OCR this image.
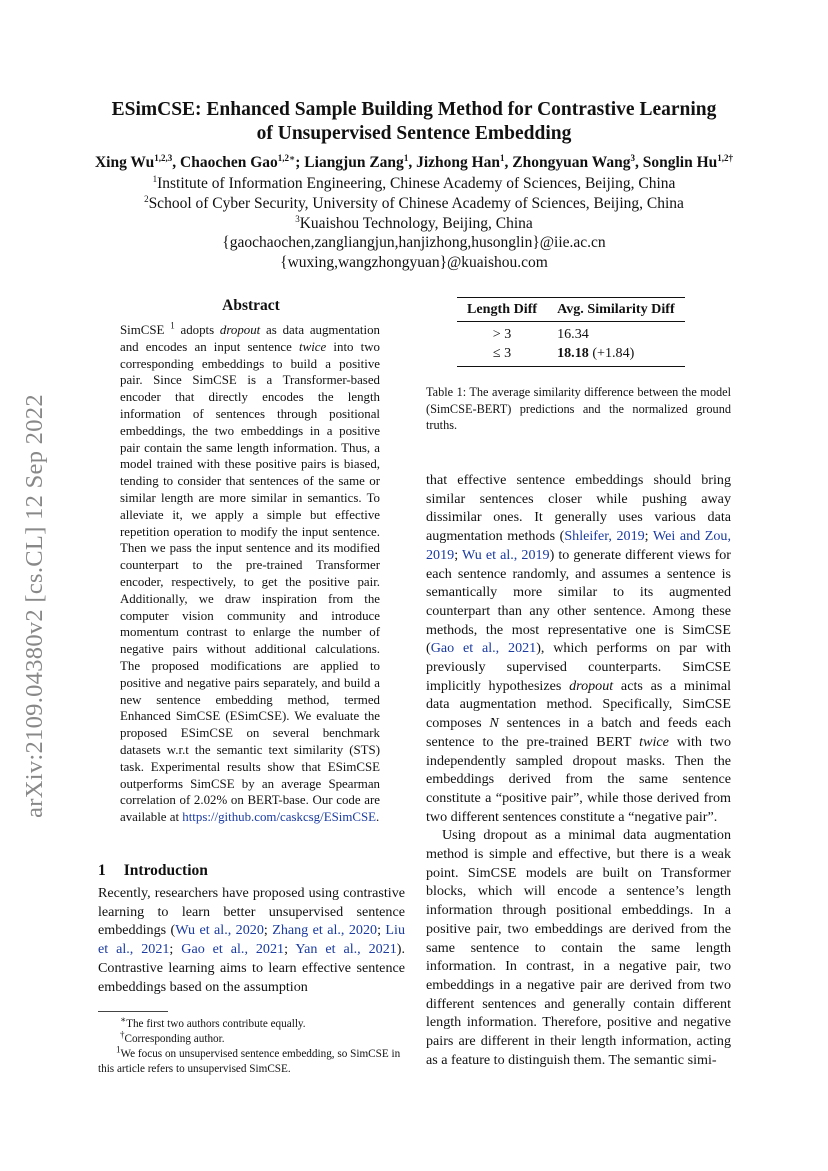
arXiv:2109.04380v2 [cs.CL] 12 Sep 2022
ESimCSE: Enhanced Sample Building Method for Contrastive Learning
of Unsupervised Sentence Embedding
Xing Wu$^{1,2,3}$, Chaochen Gao$^{1,2∗}$; Liangjun Zang$^1$, Jizhong Han$^1$, Zhongyuan Wang$^3$, Songlin $Hu^{1,2\dagger}$
$^1$Institute of Information Engineering, Chinese Academy of Sciences, Beijing, China
$^2$School of Cyber Security, University of Chinese Academy of Sciences, Beijing, China
$^3$Kuaishou Technology, Beijing, China
{gaochaochen,zangliangjun,hanjizhong,husonglin}@iie.ac.cn
{wuxing,wangzhongyuan}@kuaishou.com
Abstract
SimCSE $^1$ adopts dropout as data augmentation and encodes an input sentence twice into two corresponding embeddings to build a positive pair. Since SimCSE is a Transformer-based encoder that directly encodes the length information of sentences through positional embeddings, the two embeddings in a positive pair contain the same length information. Thus, a model trained with these positive pairs is biased, tending to consider that sentences of the same or similar length are more similar in semantics. To alleviate it, we apply a simple but effective repetition operation to modify the input sentence. Then we pass the input sentence and its modified counterpart to the pre-trained Transformer encoder, respectively, to get the positive pair. Additionally, we draw inspiration from the computer vision community and introduce momentum contrast to enlarge the number of negative pairs without additional calculations. The proposed modifications are applied to positive and negative pairs separately, and build a new sentence embedding method, termed Enhanced SimCSE (ESimCSE). We evaluate the proposed ESimCSE on several benchmark datasets w.r.t the semantic text similarity (STS) task. Experimental results show that ESimCSE outperforms SimCSE by an average Spearman correlation of 2.02% on BERT-base. Our code are available at https://github.com/caskcsg/ESimCSE.
1 Introduction
Recently, researchers have proposed using contrastive learning to learn better unsupervised sentence embeddings (Wu et al., 2020; Zhang et al., 2020; Liu et al., 2021; Gao et al., 2021; Yan et al., 2021). Contrastive learning aims to learn effective sentence embeddings based on the assumption
∗The first two authors contribute equally.
†Corresponding author.
$^1$We focus on unsupervised sentence embedding, so SimCSE in this article refers to unsupervised SimCSE.
Length Diff	Avg. Similarity Diff
> 3	16.34
≤ 3	18.18 (+1.84)
Table 1: The average similarity difference between the model (SimCSE-BERT) predictions and the normalized ground truths.

that effective sentence embeddings should bring similar sentences closer while pushing away dissimilar ones. It generally uses various data augmentation methods (Shleifer, 2019; Wei and Zou, 2019; Wu et al., 2019) to generate different views for each sentence randomly, and assumes a sentence is semantically more similar to its augmented counterpart than any other sentence. Among these methods, the most representative one is SimCSE (Gao et al., 2021), which performs on par with previously supervised counterparts. SimCSE implicitly hypothesizes dropout acts as a minimal data augmentation method. Specifically, SimCSE composes N sentences in a batch and feeds each sentence to the pre-trained BERT twice with two independently sampled dropout masks. Then the embeddings derived from the same sentence constitute a “positive pair”, while those derived from two different sentences constitute a “negative pair”.

Using dropout as a minimal data augmentation method is simple and effective, but there is a weak point. SimCSE models are built on Transformer blocks, which will encode a sentence’s length information through positional embeddings. In a positive pair, two embeddings are derived from the same sentence to contain the same length information. In contrast, in a negative pair, two embeddings in a negative pair are derived from two different sentences and generally contain different length information. Therefore, positive and negative pairs are different in their length information, acting as a feature to distinguish them. The semantic simi-
